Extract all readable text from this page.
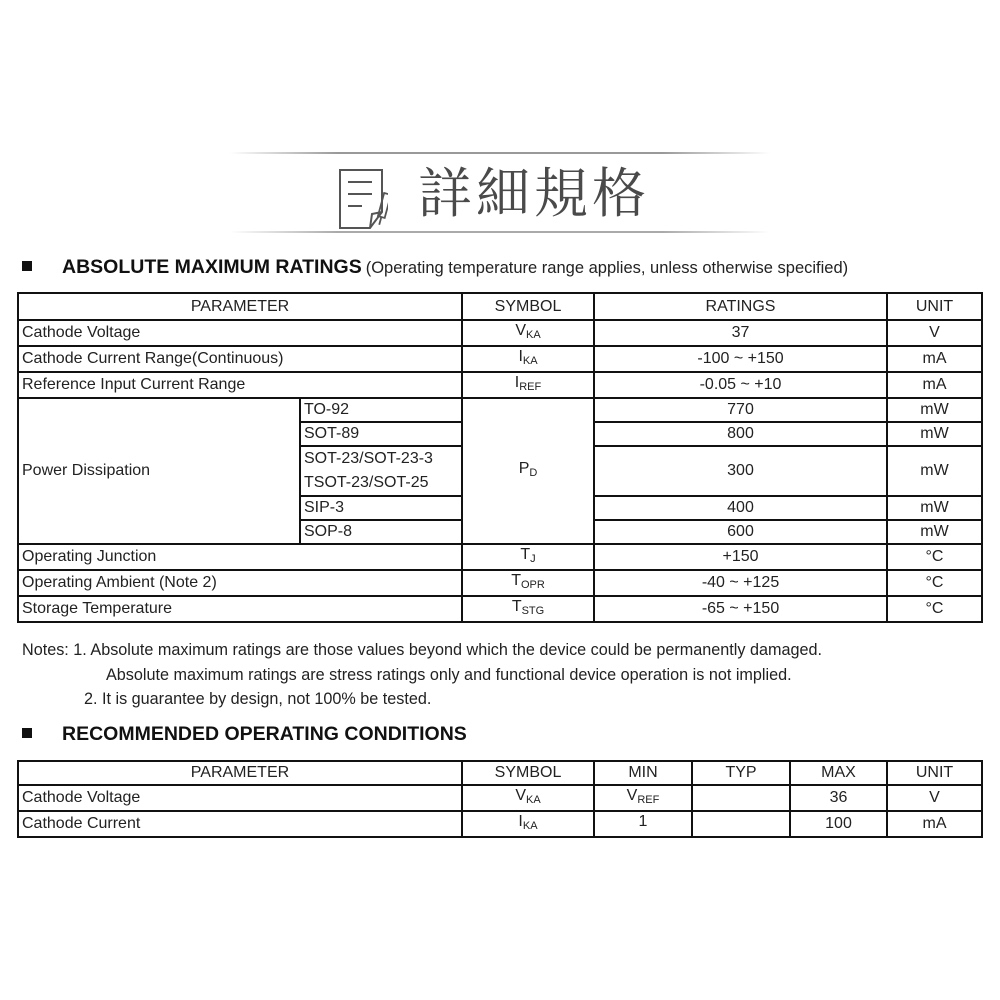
詳細規格
ABSOLUTE MAXIMUM RATINGS (Operating temperature range applies, unless otherwise specified)
PARAMETER		SYMBOL	RATINGS	UNIT
Cathode Voltage		$V_{KA}$	37	V
Cathode Current Range(Continuous)		$I_{KA}$	-100 ~ +150	mA
Reference Input Current Range		$I_{REF}$	-0.05 ~ +10	mA
Power Dissipation	TO-92	$P_D$	770	mW
	SOT-89		800	mW
	SOT-23/SOT-23-3		300	mW
	TSOT-23/SOT-25			
	SIP-3		400	mW
	SOP-8		600	mW
Operating Junction		$T_J$	+150	°C
Operating Ambient (Note 2)		$T_{OPR}$	-40 ~ +125	°C
Storage Temperature		$T_{STG}$	-65 ~ +150	°C
Notes: 1. Absolute maximum ratings are those values beyond which the device could be permanently damaged.
Absolute maximum ratings are stress ratings only and functional device operation is not implied.
2. It is guarantee by design, not 100% be tested.
RECOMMENDED OPERATING CONDITIONS
PARAMETER	SYMBOL	MIN	TYP	MAX	UNIT
Cathode Voltage	$V_{KA}$	$V_{REF}$		36	V
Cathode Current	$I_{KA}$	1		100	mA
